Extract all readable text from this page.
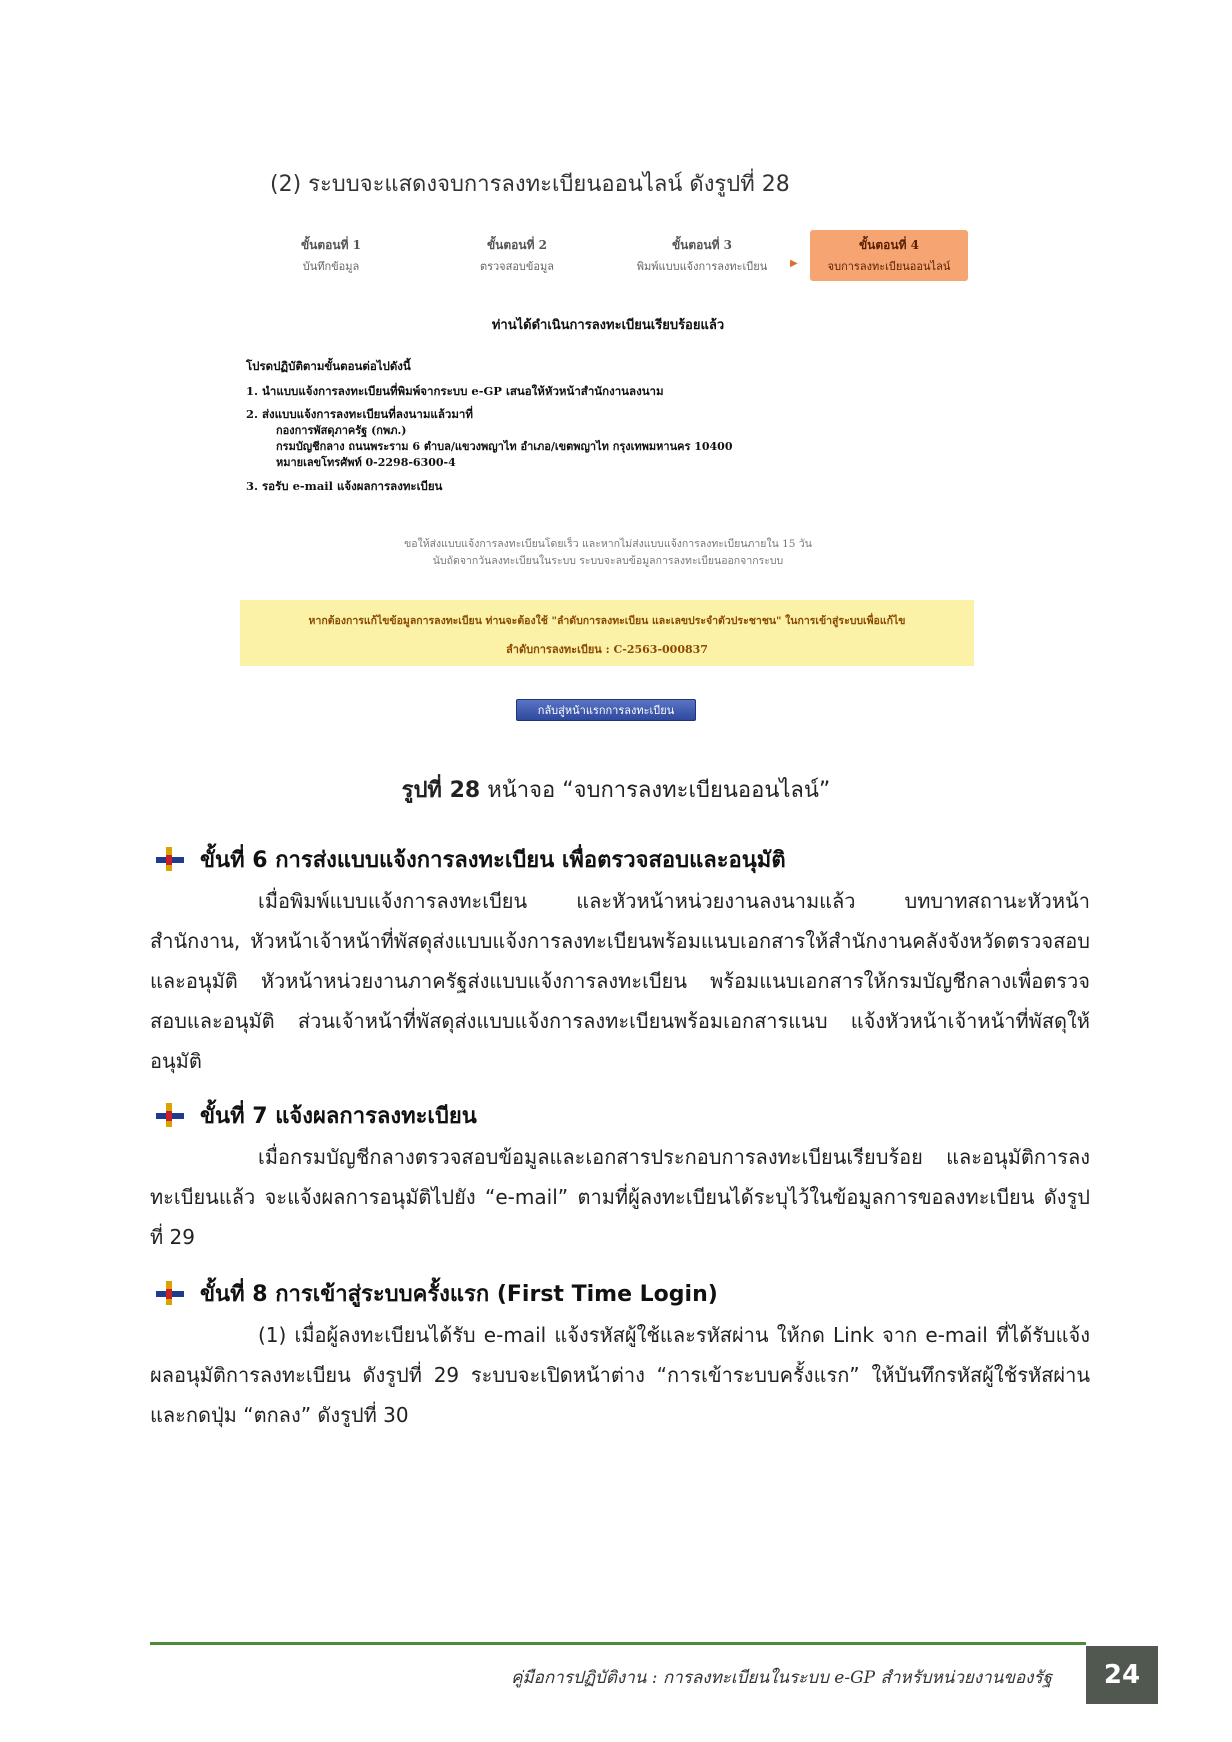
(2) ระบบจะแสดงจบการลงทะเบียนออนไลน์ ดังรูปที่ 28
ขั้นตอนที่ 1
บันทึกข้อมูล
ขั้นตอนที่ 2
ตรวจสอบข้อมูล
ขั้นตอนที่ 3
พิมพ์แบบแจ้งการลงทะเบียน	▶
ขั้นตอนที่ 4
จบการลงทะเบียนออนไลน์
ท่านได้ดำเนินการลงทะเบียนเรียบร้อยแล้ว
โปรดปฏิบัติตามขั้นตอนต่อไปดังนี้
1. นำแบบแจ้งการลงทะเบียนที่พิมพ์จากระบบ e-GP เสนอให้หัวหน้าสำนักงานลงนาม
2. ส่งแบบแจ้งการลงทะเบียนที่ลงนามแล้วมาที่
กองการพัสดุภาครัฐ (กพภ.)
กรมบัญชีกลาง ถนนพระราม 6 ตำบล/แขวงพญาไท อำเภอ/เขตพญาไท กรุงเทพมหานคร 10400
หมายเลขโทรศัพท์ 0-2298-6300-4
3. รอรับ e-mail แจ้งผลการลงทะเบียน
ขอให้ส่งแบบแจ้งการลงทะเบียนโดยเร็ว และหากไม่ส่งแบบแจ้งการลงทะเบียนภายใน 15 วัน
นับถัดจากวันลงทะเบียนในระบบ ระบบจะลบข้อมูลการลงทะเบียนออกจากระบบ
หากต้องการแก้ไขข้อมูลการลงทะเบียน ท่านจะต้องใช้ "ลำดับการลงทะเบียน และเลขประจำตัวประชาชน" ในการเข้าสู่ระบบเพื่อแก้ไข
ลำดับการลงทะเบียน : C-2563-000837
กลับสู่หน้าแรกการลงทะเบียน
รูปที่ 28 หน้าจอ “จบการลงทะเบียนออนไลน์”
ขั้นที่ 6 การส่งแบบแจ้งการลงทะเบียน เพื่อตรวจสอบและอนุมัติ

เมื่อพิมพ์แบบแจ้งการลงทะเบียน และหัวหน้าหน่วยงานลงนามแล้ว บทบาทสถานะหัวหน้าสำนักงาน, หัวหน้าเจ้าหน้าที่พัสดุส่งแบบแจ้งการลงทะเบียนพร้อมแนบเอกสารให้สำนักงานคลังจังหวัดตรวจสอบและอนุมัติ หัวหน้าหน่วยงานภาครัฐส่งแบบแจ้งการลงทะเบียน พร้อมแนบเอกสารให้กรมบัญชีกลางเพื่อตรวจสอบและอนุมัติ ส่วนเจ้าหน้าที่พัสดุส่งแบบแจ้งการลงทะเบียนพร้อมเอกสารแนบ แจ้งหัวหน้าเจ้าหน้าที่พัสดุให้อนุมัติ

ขั้นที่ 7 แจ้งผลการลงทะเบียน

เมื่อกรมบัญชีกลางตรวจสอบข้อมูลและเอกสารประกอบการลงทะเบียนเรียบร้อย และอนุมัติการลงทะเบียนแล้ว จะแจ้งผลการอนุมัติไปยัง “e-mail” ตามที่ผู้ลงทะเบียนได้ระบุไว้ในข้อมูลการขอลงทะเบียน ดังรูปที่ 29

ขั้นที่ 8 การเข้าสู่ระบบครั้งแรก (First Time Login)

(1) เมื่อผู้ลงทะเบียนได้รับ e-mail แจ้งรหัสผู้ใช้และรหัสผ่าน ให้กด Link จาก e-mail ที่ได้รับแจ้งผลอนุมัติการลงทะเบียน ดังรูปที่ 29 ระบบจะเปิดหน้าต่าง “การเข้าระบบครั้งแรก” ให้บันทึกรหัสผู้ใช้รหัสผ่าน และกดปุ่ม “ตกลง” ดังรูปที่ 30

คู่มือการปฏิบัติงาน : การลงทะเบียนในระบบ e-GP สำหรับหน่วยงานของรัฐ	24
